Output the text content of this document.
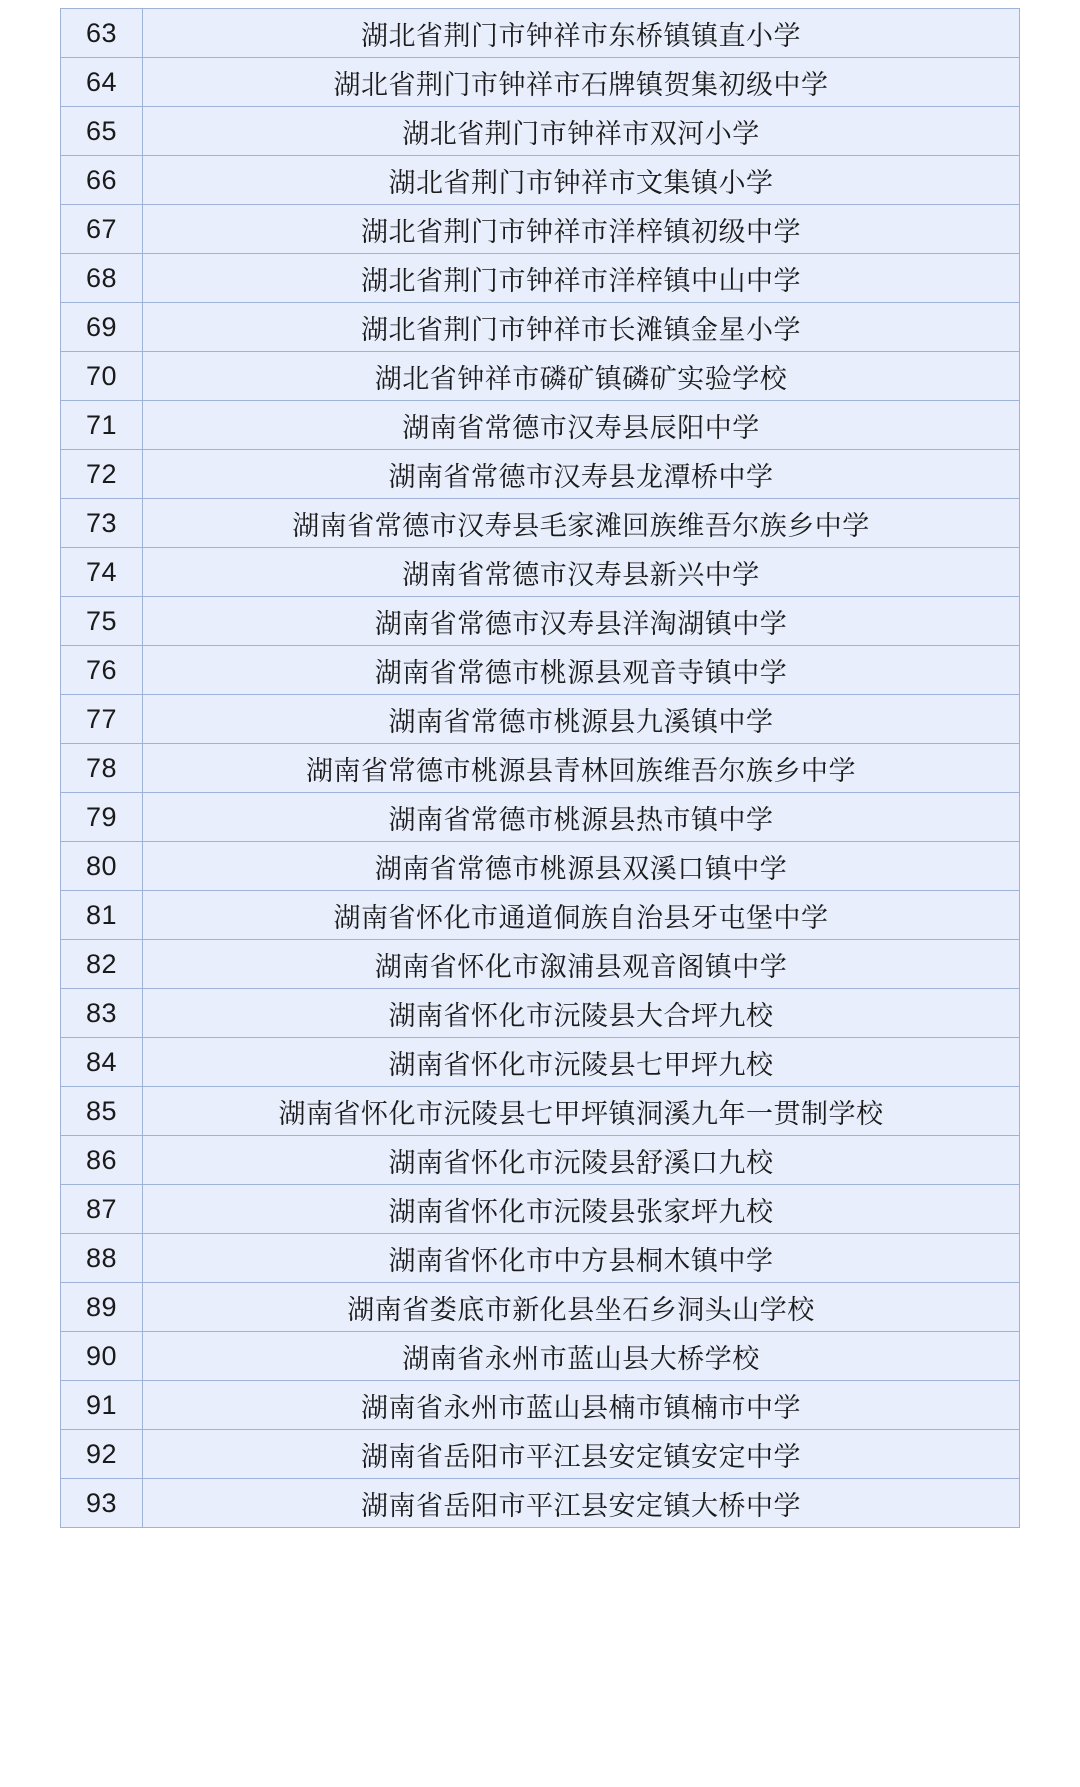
63	湖北省荆门市钟祥市东桥镇镇直小学
64	湖北省荆门市钟祥市石牌镇贺集初级中学
65	湖北省荆门市钟祥市双河小学
66	湖北省荆门市钟祥市文集镇小学
67	湖北省荆门市钟祥市洋梓镇初级中学
68	湖北省荆门市钟祥市洋梓镇中山中学
69	湖北省荆门市钟祥市长滩镇金星小学
70	湖北省钟祥市磷矿镇磷矿实验学校
71	湖南省常德市汉寿县辰阳中学
72	湖南省常德市汉寿县龙潭桥中学
73	湖南省常德市汉寿县毛家滩回族维吾尔族乡中学
74	湖南省常德市汉寿县新兴中学
75	湖南省常德市汉寿县洋淘湖镇中学
76	湖南省常德市桃源县观音寺镇中学
77	湖南省常德市桃源县九溪镇中学
78	湖南省常德市桃源县青林回族维吾尔族乡中学
79	湖南省常德市桃源县热市镇中学
80	湖南省常德市桃源县双溪口镇中学
81	湖南省怀化市通道侗族自治县牙屯堡中学
82	湖南省怀化市溆浦县观音阁镇中学
83	湖南省怀化市沅陵县大合坪九校
84	湖南省怀化市沅陵县七甲坪九校
85	湖南省怀化市沅陵县七甲坪镇洞溪九年一贯制学校
86	湖南省怀化市沅陵县舒溪口九校
87	湖南省怀化市沅陵县张家坪九校
88	湖南省怀化市中方县桐木镇中学
89	湖南省娄底市新化县坐石乡洞头山学校
90	湖南省永州市蓝山县大桥学校
91	湖南省永州市蓝山县楠市镇楠市中学
92	湖南省岳阳市平江县安定镇安定中学
93	湖南省岳阳市平江县安定镇大桥中学
